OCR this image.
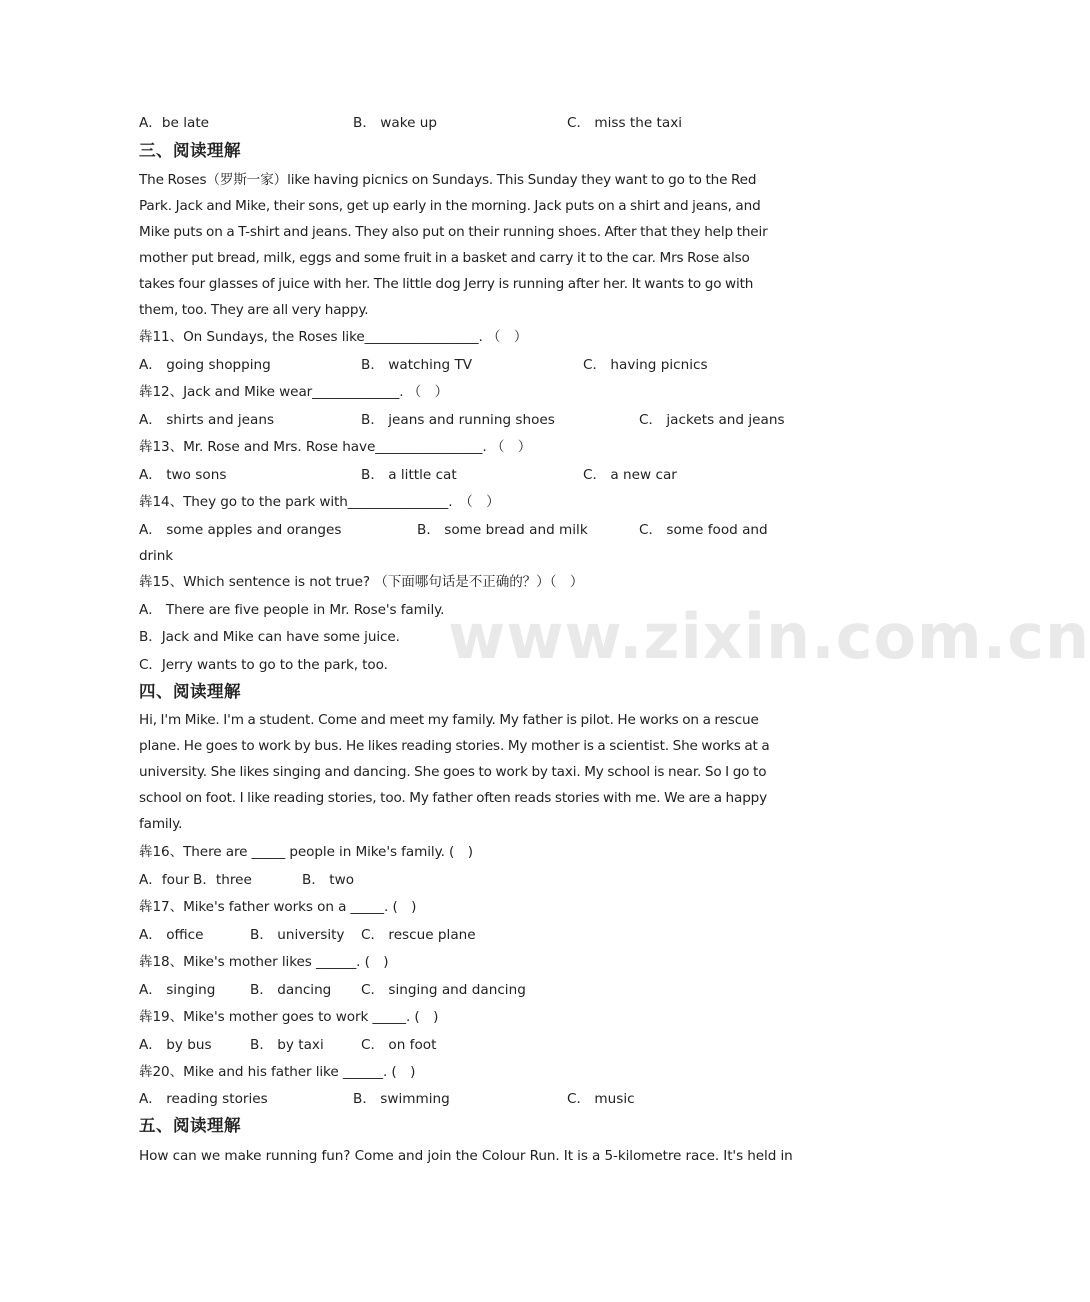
A．be late	B． wake up	C． miss the taxi
三、阅读理解
The Roses（罗斯一家）like having picnics on Sundays. This Sunday they want to go to the Red Park. Jack and Mike, their sons, get up early in the morning. Jack puts on a shirt and jeans, and Mike puts on a T-shirt and jeans. They also put on their running shoes. After that they help their mother put bread, milk, eggs and some fruit in a basket and carry it to the car. Mrs Rose also takes four glasses of juice with her. The little dog Jerry is running after her. It wants to go with them, too. They are all very happy.
犇11、On Sundays, the Roses like_________________. （　）
A． going shopping	B． watching TV	C． having picnics
犇12、Jack and Mike wear_____________. （　）
A． shirts and jeans	B． jeans and running shoes	C． jackets and jeans
犇13、Mr. Rose and Mrs. Rose have________________. （　）
A． two sons	B． a little cat	C． a new car
犇14、They go to the park with_______________.　（　）
A． some apples and oranges	B． some bread and milk	C． some food and
drink
犇15、Which sentence is not true? （下面哪句话是不正确的？）（　）
A． There are five people in Mr. Rose's family.
B．Jack and Mike can have some juice.
C．Jerry wants to go to the park, too. www.zixin.com.cn
四、阅读理解
Hi, I'm Mike. I'm a student. Come and meet my family. My father is pilot. He works on a rescue plane. He goes to work by bus. He likes reading stories. My mother is a scientist. She works at a university. She likes singing and dancing. She goes to work by taxi. My school is near. So I go to school on foot. I like reading stories, too. My father often reads stories with me. We are a happy family.
犇16、There are _____ people in Mike's family. (　)
A．four B．three	B． two
犇17、Mike's father works on a _____. (　)
A． office	B． university C． rescue plane
犇18、Mike's mother likes ______. (　)
A． singing	B． dancing C． singing and dancing
犇19、Mike's mother goes to work _____. (　)
A． by bus	B． by taxi	C． on foot
犇20、Mike and his father like ______. (　)
A． reading stories	B． swimming	C． music
五、阅读理解
How can we make running fun? Come and join the Colour Run. It is a 5-kilometre race. It's held in
